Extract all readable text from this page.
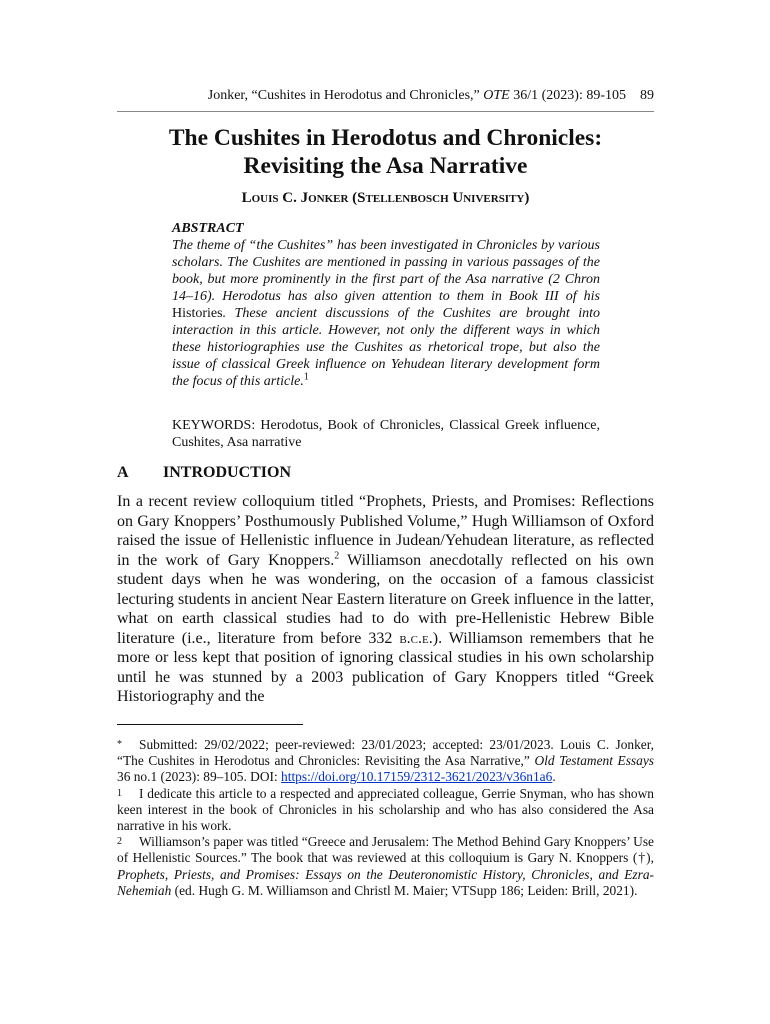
Jonker, “Cushites in Herodotus and Chronicles,” OTE 36/1 (2023): 89-105 89
The Cushites in Herodotus and Chronicles:
Revisiting the Asa Narrative
Louis C. Jonker (Stellenbosch University)
ABSTRACT
The theme of “the Cushites” has been investigated in Chronicles by various scholars. The Cushites are mentioned in passing in various passages of the book, but more prominently in the first part of the Asa narrative (2 Chron 14–16). Herodotus has also given attention to them in Book III of his Histories. These ancient discussions of the Cushites are brought into interaction in this article. However, not only the different ways in which these historiographies use the Cushites as rhetorical trope, but also the issue of classical Greek influence on Yehudean literary development form the focus of this article.$^1$
KEYWORDS: Herodotus, Book of Chronicles, Classical Greek influence, Cushites, Asa narrative
A INTRODUCTION
In a recent review colloquium titled “Prophets, Priests, and Promises: Reflections on Gary Knoppers’ Posthumously Published Volume,” Hugh Williamson of Oxford raised the issue of Hellenistic influence in Judean/Yehudean literature, as reflected in the work of Gary Knoppers.$^2$ Williamson anecdotally reflected on his own student days when he was wondering, on the occasion of a famous classicist lecturing students in ancient Near Eastern literature on Greek influence in the latter, what on earth classical studies had to do with pre-Hellenistic Hebrew Bible literature (i.e., literature from before 332 b.c.e.). Williamson remembers that he more or less kept that position of ignoring classical studies in his own scholarship until he was stunned by a 2003 publication of Gary Knoppers titled “Greek Historiography and the

* Submitted: 29/02/2022; peer-reviewed: 23/01/2023; accepted: 23/01/2023. Louis C. Jonker, “The Cushites in Herodotus and Chronicles: Revisiting the Asa Narrative,” Old Testament Essays 36 no.1 (2023): 89–105. DOI: https://doi.org/10.17159/2312-3621/2023/v36n1a6.

1 I dedicate this article to a respected and appreciated colleague, Gerrie Snyman, who has shown keen interest in the book of Chronicles in his scholarship and who has also considered the Asa narrative in his work.

2 Williamson’s paper was titled “Greece and Jerusalem: The Method Behind Gary Knoppers’ Use of Hellenistic Sources.” The book that was reviewed at this colloquium is Gary N. Knoppers (†), Prophets, Priests, and Promises: Essays on the Deuteronomistic History, Chronicles, and Ezra-Nehemiah (ed. Hugh G. M. Williamson and Christl M. Maier; VTSupp 186; Leiden: Brill, 2021).
